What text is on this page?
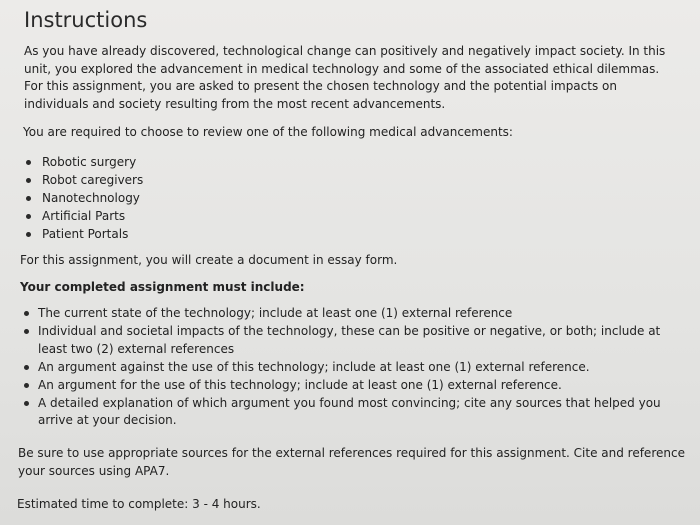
Instructions

As you have already discovered, technological change can positively and negatively impact society. In this unit, you explored the advancement in medical technology and some of the associated ethical dilemmas. For this assignment, you are asked to present the chosen technology and the potential impacts on individuals and society resulting from the most recent advancements.

You are required to choose to review one of the following medical advancements:

Robotic surgery
Robot caregivers
Nanotechnology
Artificial Parts
Patient Portals

For this assignment, you will create a document in essay form.

Your completed assignment must include:

The current state of the technology; include at least one (1) external reference
Individual and societal impacts of the technology, these can be positive or negative, or both; include at least two (2) external references
An argument against the use of this technology; include at least one (1) external reference.
An argument for the use of this technology; include at least one (1) external reference.
A detailed explanation of which argument you found most convincing; cite any sources that helped you arrive at your decision.

Be sure to use appropriate sources for the external references required for this assignment. Cite and reference your sources using APA7.

Estimated time to complete: 3 - 4 hours.
